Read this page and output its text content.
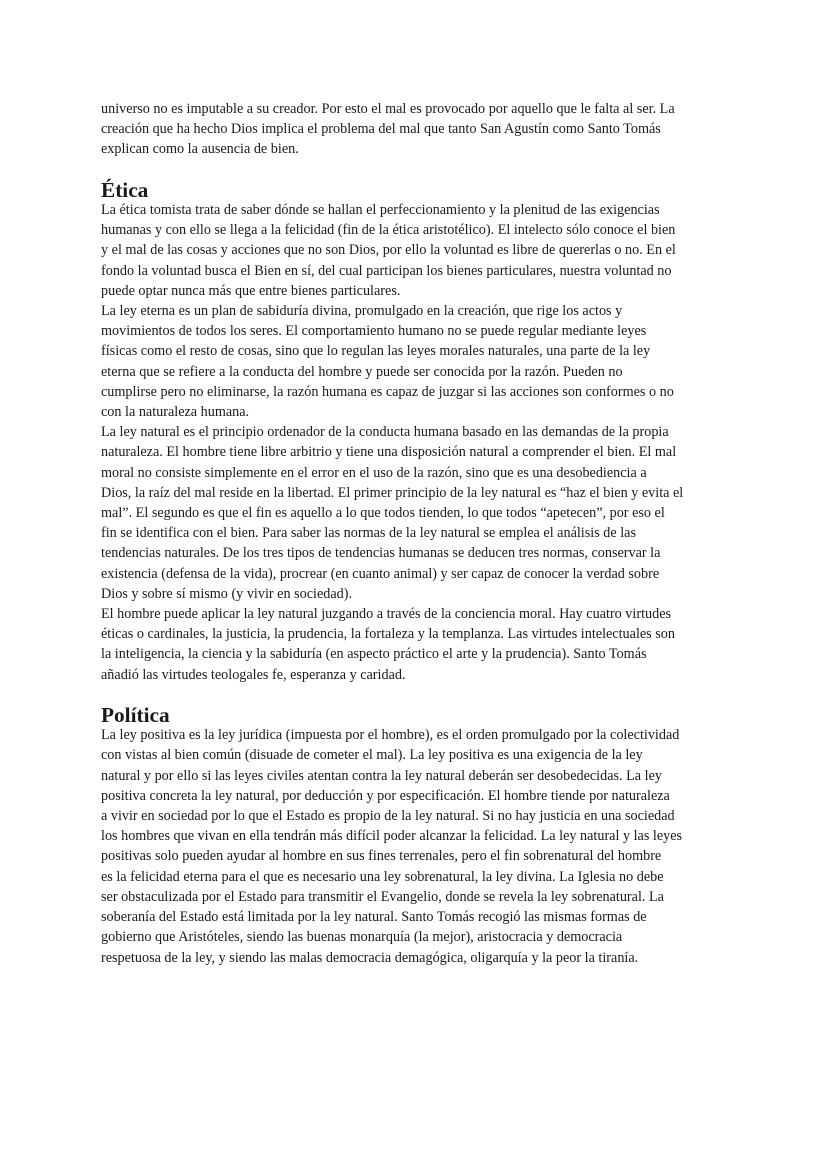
universo no es imputable a su creador. Por esto el mal es provocado por aquello que le falta al ser. La
creación que ha hecho Dios implica el problema del mal que tanto San Agustín como Santo Tomás
explican como la ausencia de bien.

Ética

La ética tomista trata de saber dónde se hallan el perfeccionamiento y la plenitud de las exigencias
humanas y con ello se llega a la felicidad (fin de la ética aristotélico). El intelecto sólo conoce el bien
y el mal de las cosas y acciones que no son Dios, por ello la voluntad es libre de quererlas o no. En el
fondo la voluntad busca el Bien en sí, del cual participan los bienes particulares, nuestra voluntad no
puede optar nunca más que entre bienes particulares.

La ley eterna es un plan de sabiduría divina, promulgado en la creación, que rige los actos y
movimientos de todos los seres. El comportamiento humano no se puede regular mediante leyes
físicas como el resto de cosas, sino que lo regulan las leyes morales naturales, una parte de la ley
eterna que se refiere a la conducta del hombre y puede ser conocida por la razón. Pueden no
cumplirse pero no eliminarse, la razón humana es capaz de juzgar si las acciones son conformes o no
con la naturaleza humana.

La ley natural es el principio ordenador de la conducta humana basado en las demandas de la propia
naturaleza. El hombre tiene libre arbitrio y tiene una disposición natural a comprender el bien. El mal
moral no consiste simplemente en el error en el uso de la razón, sino que es una desobediencia a
Dios, la raíz del mal reside en la libertad. El primer principio de la ley natural es “haz el bien y evita el
mal”. El segundo es que el fin es aquello a lo que todos tienden, lo que todos “apetecen”, por eso el
fin se identifica con el bien. Para saber las normas de la ley natural se emplea el análisis de las
tendencias naturales. De los tres tipos de tendencias humanas se deducen tres normas, conservar la
existencia (defensa de la vida), procrear (en cuanto animal) y ser capaz de conocer la verdad sobre
Dios y sobre sí mismo (y vivir en sociedad).

El hombre puede aplicar la ley natural juzgando a través de la conciencia moral. Hay cuatro virtudes
éticas o cardinales, la justicia, la prudencia, la fortaleza y la templanza. Las virtudes intelectuales son
la inteligencia, la ciencia y la sabiduría (en aspecto práctico el arte y la prudencia). Santo Tomás
añadió las virtudes teologales fe, esperanza y caridad.

Política

La ley positiva es la ley jurídica (impuesta por el hombre), es el orden promulgado por la colectividad
con vistas al bien común (disuade de cometer el mal). La ley positiva es una exigencia de la ley
natural y por ello si las leyes civiles atentan contra la ley natural deberán ser desobedecidas. La ley
positiva concreta la ley natural, por deducción y por especificación. El hombre tiende por naturaleza
a vivir en sociedad por lo que el Estado es propio de la ley natural. Si no hay justicia en una sociedad
los hombres que vivan en ella tendrán más difícil poder alcanzar la felicidad. La ley natural y las leyes
positivas solo pueden ayudar al hombre en sus fines terrenales, pero el fin sobrenatural del hombre
es la felicidad eterna para el que es necesario una ley sobrenatural, la ley divina. La Iglesia no debe
ser obstaculizada por el Estado para transmitir el Evangelio, donde se revela la ley sobrenatural. La
soberanía del Estado está limitada por la ley natural. Santo Tomás recogió las mismas formas de
gobierno que Aristóteles, siendo las buenas monarquía (la mejor), aristocracia y democracia
respetuosa de la ley, y siendo las malas democracia demagógica, oligarquía y la peor la tiranía.
